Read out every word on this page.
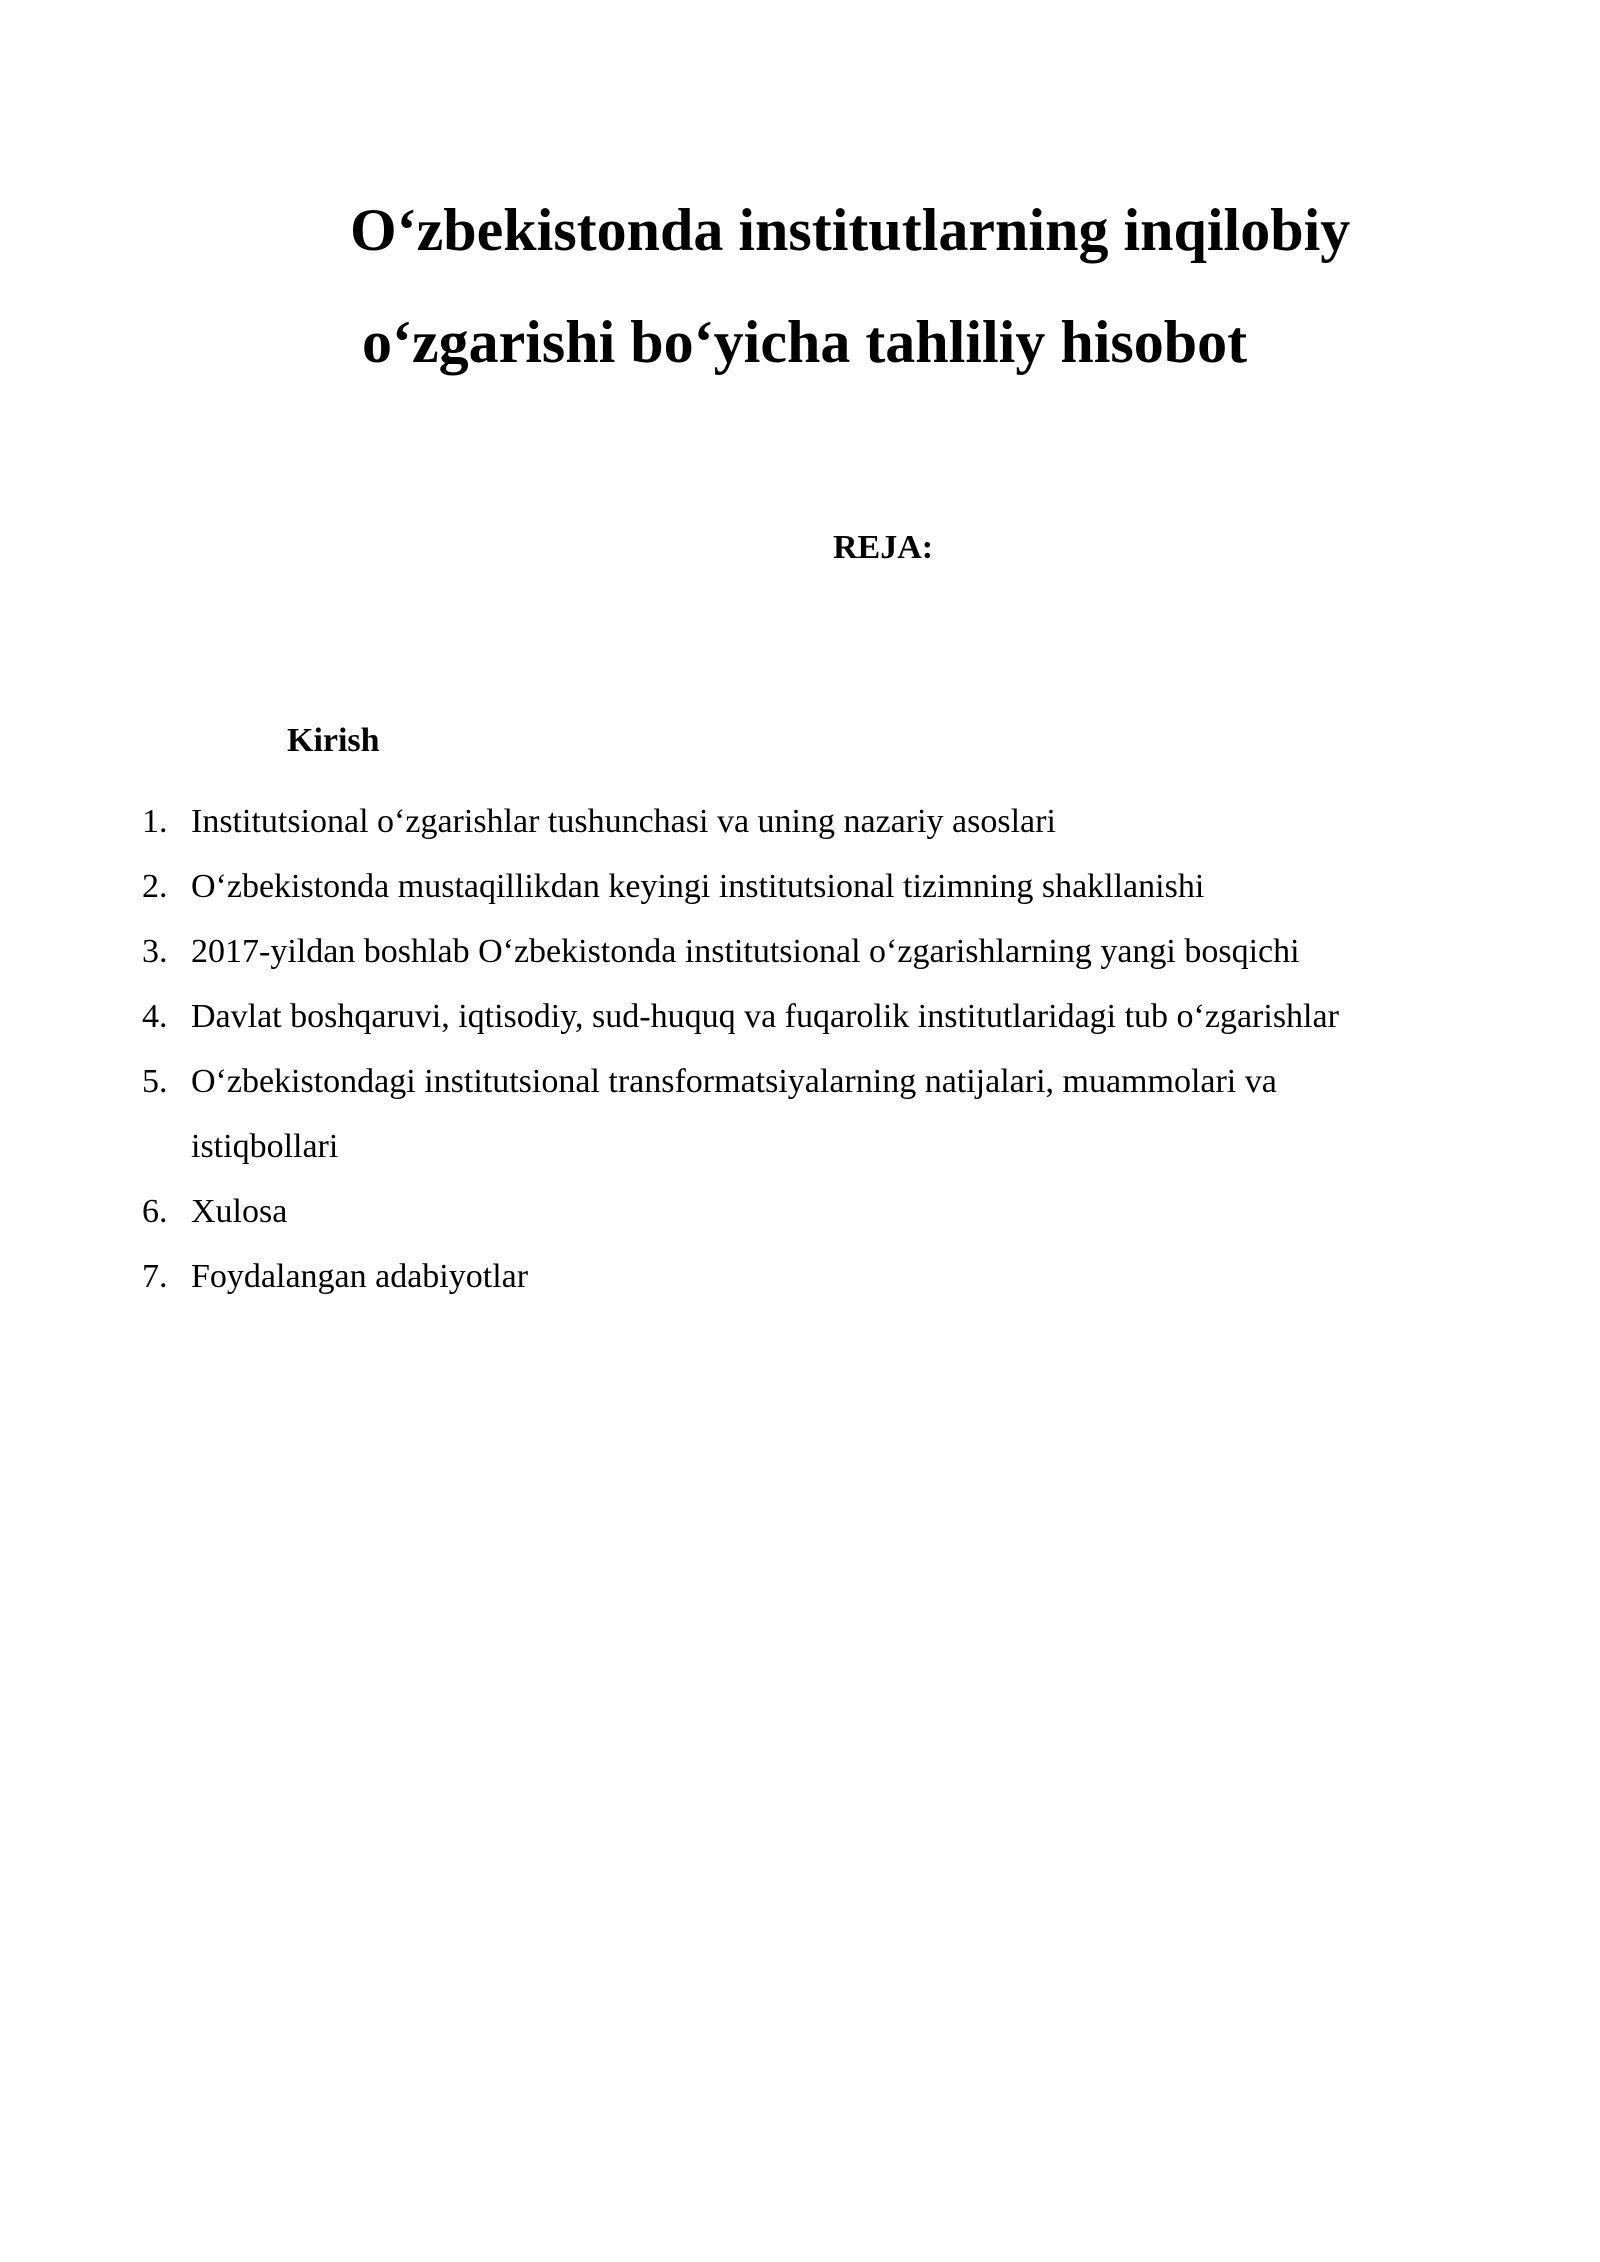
O‘zbekistonda institutlarning inqilobiy
o‘zgarishi bo‘yicha tahliliy hisobot
REJA:
Kirish
1. Institutsional o‘zgarishlar tushunchasi va uning nazariy asoslari
2. O‘zbekistonda mustaqillikdan keyingi institutsional tizimning shakllanishi
3. 2017-yildan boshlab O‘zbekistonda institutsional o‘zgarishlarning yangi bosqichi
4. Davlat boshqaruvi, iqtisodiy, sud-huquq va fuqarolik institutlaridagi tub o‘zgarishlar
5. O‘zbekistondagi institutsional transformatsiyalarning natijalari, muammolari va
istiqbollari
6. Xulosa
7. Foydalangan adabiyotlar
